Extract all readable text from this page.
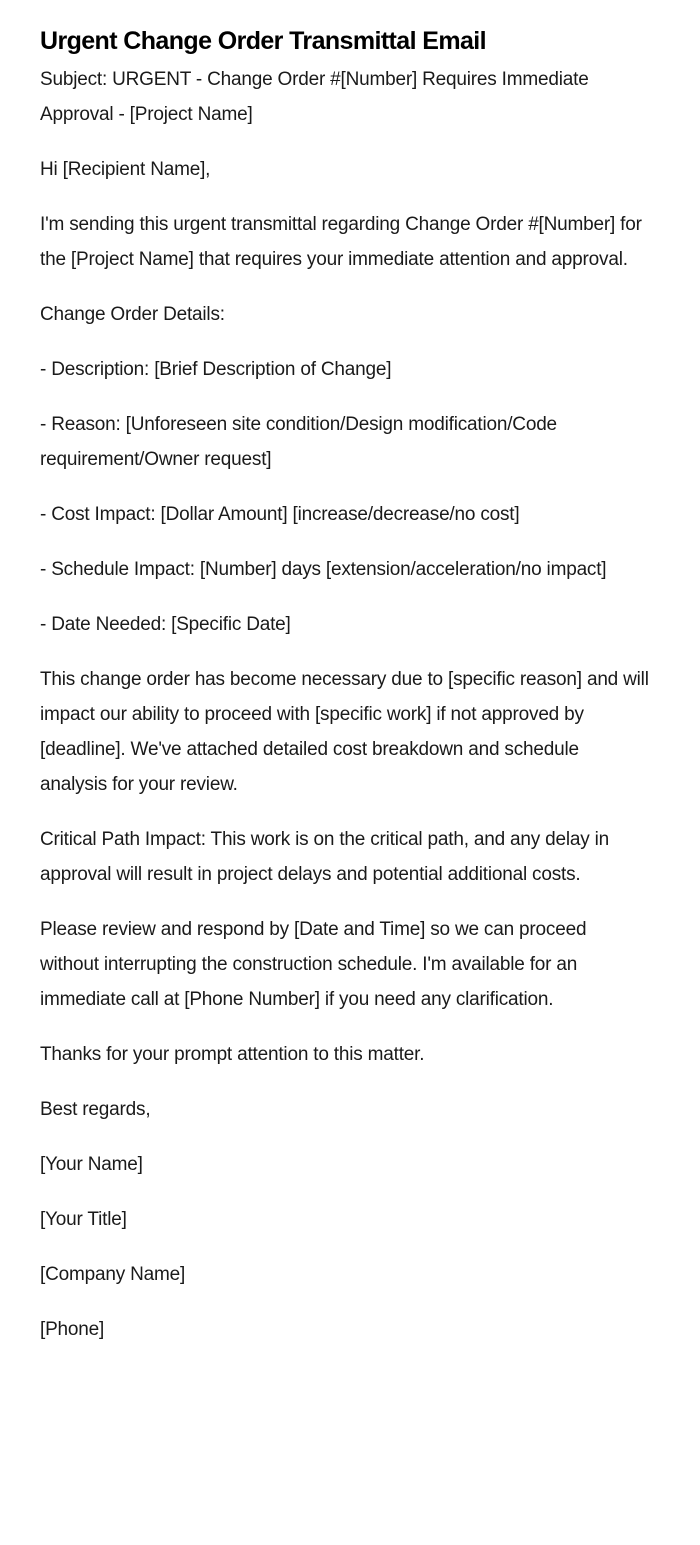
Urgent Change Order Transmittal Email

Subject: URGENT - Change Order #[Number] Requires Immediate Approval - [Project Name]

Hi [Recipient Name],

I'm sending this urgent transmittal regarding Change Order #[Number] for the [Project Name] that requires your immediate attention and approval.

Change Order Details:

- Description: [Brief Description of Change]

- Reason: [Unforeseen site condition/Design modification/Code requirement/Owner request]

- Cost Impact: [Dollar Amount] [increase/decrease/no cost]

- Schedule Impact: [Number] days [extension/acceleration/no impact]

- Date Needed: [Specific Date]

This change order has become necessary due to [specific reason] and will impact our ability to proceed with [specific work] if not approved by [deadline]. We've attached detailed cost breakdown and schedule analysis for your review.

Critical Path Impact: This work is on the critical path, and any delay in approval will result in project delays and potential additional costs.

Please review and respond by [Date and Time] so we can proceed without interrupting the construction schedule. I'm available for an immediate call at [Phone Number] if you need any clarification.

Thanks for your prompt attention to this matter.

Best regards,

[Your Name]

[Your Title]

[Company Name]

[Phone]
